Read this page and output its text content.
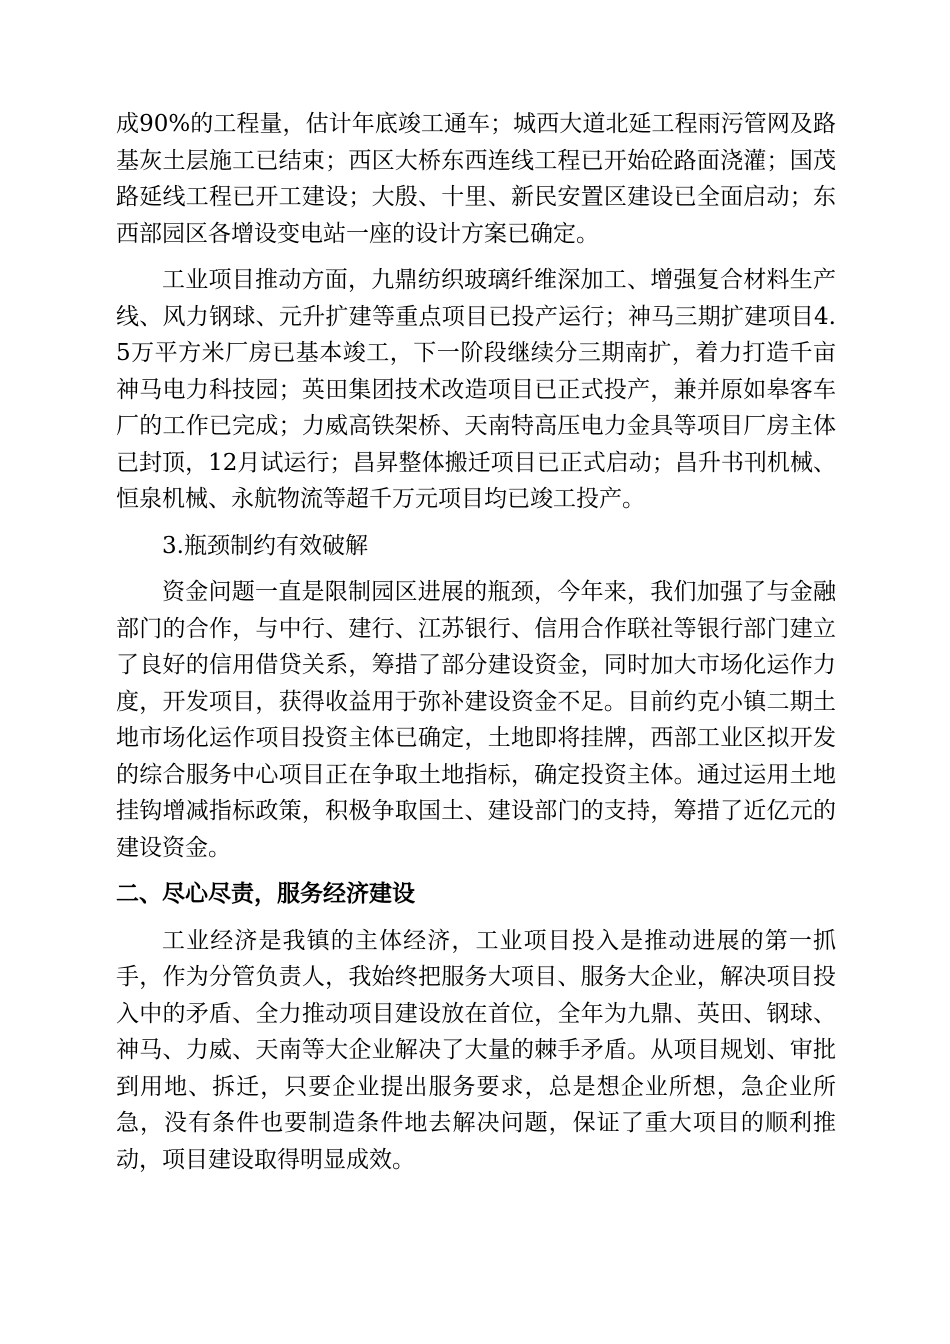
成90%的工程量，估计年底竣工通车；城西大道北延工程雨污管网及路基灰土层施工已结束；西区大桥东西连线工程已开始砼路面浇灌；国茂路延线工程已开工建设；大殷、十里、新民安置区建设已全面启动；东西部园区各增设变电站一座的设计方案已确定。

工业项目推动方面，九鼎纺织玻璃纤维深加工、增强复合材料生产线、风力钢球、元升扩建等重点项目已投产运行；神马三期扩建项目4.5万平方米厂房已基本竣工，下一阶段继续分三期南扩，着力打造千亩神马电力科技园；英田集团技术改造项目已正式投产，兼并原如皋客车厂的工作已完成；力威高铁架桥、天南特高压电力金具等项目厂房主体已封顶，12月试运行；昌昇整体搬迁项目已正式启动；昌升书刊机械、恒泉机械、永航物流等超千万元项目均已竣工投产。

3.瓶颈制约有效破解

资金问题一直是限制园区进展的瓶颈，今年来，我们加强了与金融部门的合作，与中行、建行、江苏银行、信用合作联社等银行部门建立了良好的信用借贷关系，筹措了部分建设资金，同时加大市场化运作力度，开发项目，获得收益用于弥补建设资金不足。目前约克小镇二期土地市场化运作项目投资主体已确定，土地即将挂牌，西部工业区拟开发的综合服务中心项目正在争取土地指标，确定投资主体。通过运用土地挂钩增减指标政策，积极争取国土、建设部门的支持，筹措了近亿元的建设资金。

二、尽心尽责，服务经济建设

工业经济是我镇的主体经济，工业项目投入是推动进展的第一抓手，作为分管负责人，我始终把服务大项目、服务大企业，解决项目投入中的矛盾、全力推动项目建设放在首位，全年为九鼎、英田、钢球、神马、力威、天南等大企业解决了大量的棘手矛盾。从项目规划、审批到用地、拆迁，只要企业提出服务要求，总是想企业所想，急企业所急，没有条件也要制造条件地去解决问题，保证了重大项目的顺利推动，项目建设取得明显成效。
